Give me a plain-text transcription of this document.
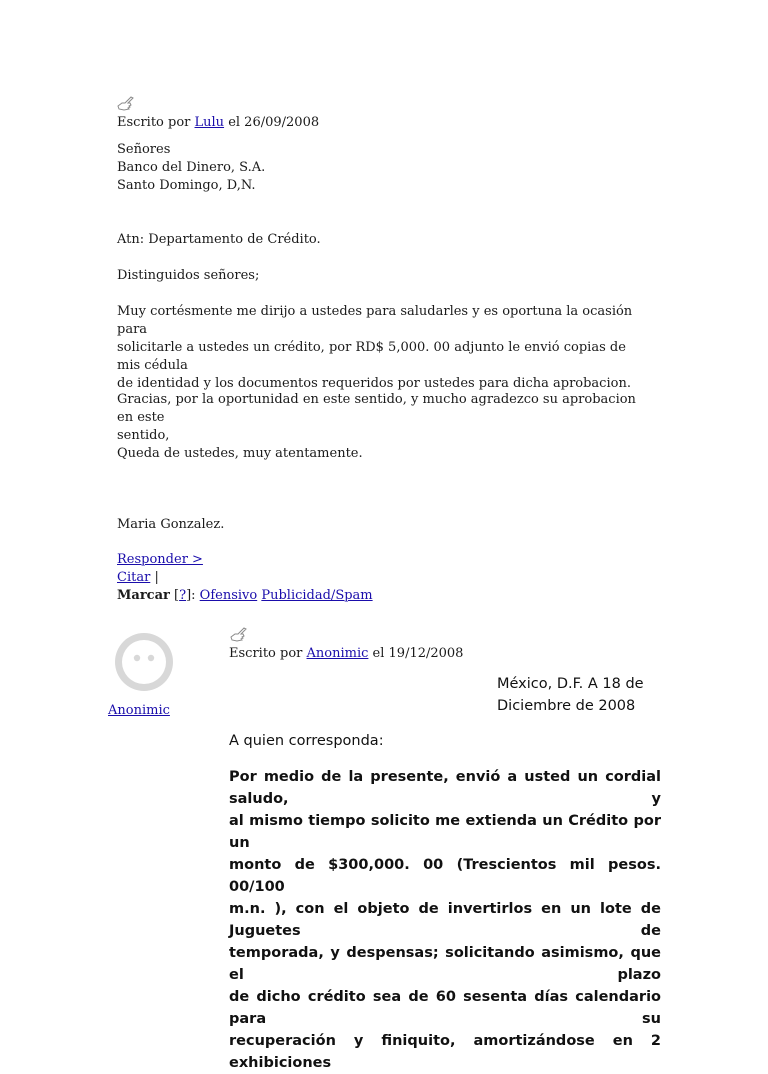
Escrito por Lulu el 26/09/2008

Señores

Banco del Dinero, S.A.

Santo Domingo, D,N.

Atn: Departamento de Crédito.
Distinguidos señores;

Muy cortésmente me dirijo a ustedes para saludarles y es oportuna la ocasión para

solicitarle a ustedes un crédito, por RD$ 5,000. 00 adjunto le envió copias de mis cédula

de identidad y los documentos requeridos por ustedes para dicha aprobacion.

Gracias, por la oportunidad en este sentido, y mucho agradezco su aprobacion en este

sentido,

Queda de ustedes, muy atentamente.
Maria Gonzalez.

Responder >

Citar |

Marcar [?]: Ofensivo Publicidad/Spam

Anonimic
Escrito por Anonimic el 19/12/2008
México, D.F. A 18 de
Diciembre de 2008
A quien corresponda:
Por medio de la presente, envió a usted un cordial saludo, y
al mismo tiempo solicito me extienda un Crédito por un
monto de $300,000. 00 (Trescientos mil pesos. 00/100
m.n. ), con el objeto de invertirlos en un lote de Juguetes de
temporada, y despensas; solicitando asimismo, que el plazo
de dicho crédito sea de 60 sesenta días calendario para su
recuperación y finiquito, amortizándose en 2 exhibiciones
